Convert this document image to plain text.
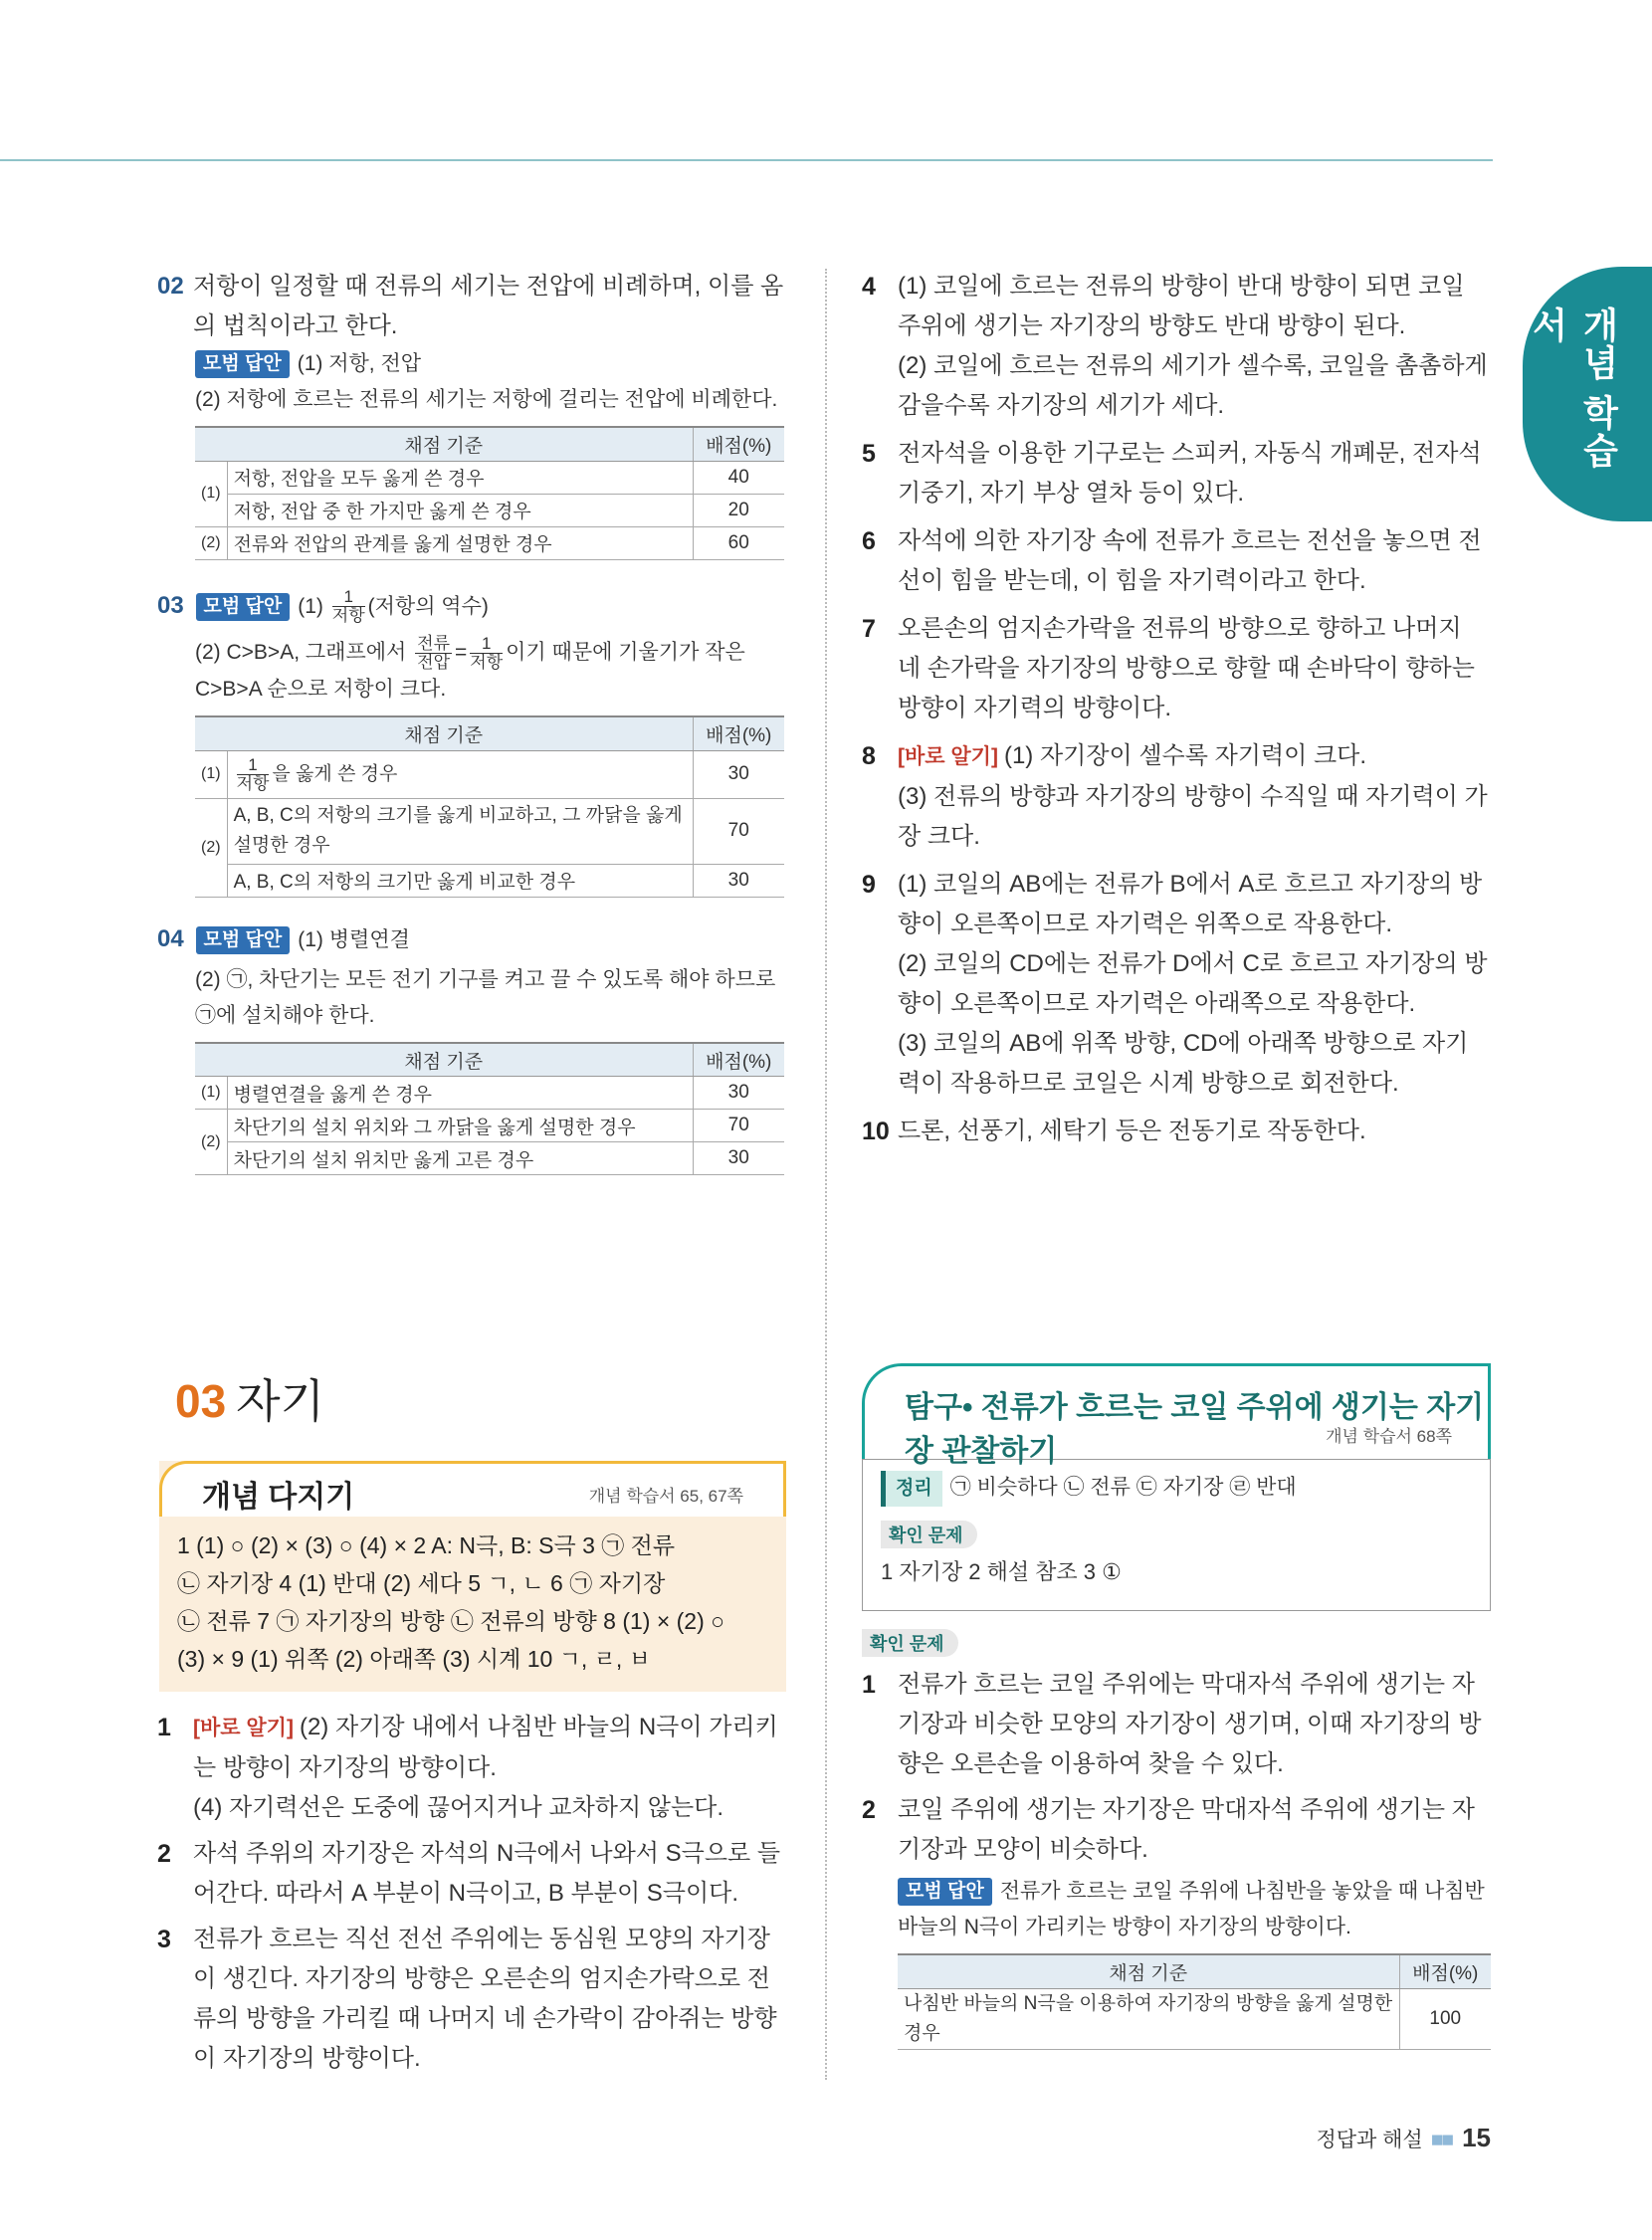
개념 학습서
02 저항이 일정할 때 전류의 세기는 전압에 비례하며, 이를 옴의 법칙이라고 한다.
모범 답안 (1) 저항, 전압
(2) 저항에 흐르는 전류의 세기는 저항에 걸리는 전압에 비례한다.
채점 기준		배점(%)
(1)	저항, 전압을 모두 옳게 쓴 경우	40
	저항, 전압 중 한 가지만 옳게 쓴 경우	20
(2)	전류와 전압의 관계를 옳게 설명한 경우	60
03 모범 답안 $(1) \frac{1}{\text{저항}}$ (저항의 역수)
(2) C>B>A, 그래프에서 $\frac{\text{전류}}{\text{전압}} = \frac{1}{\text{저항}}$ 이기 때문에 기울기가 작은
C>B>A 순으로 저항이 크다.
채점 기준		배점(%)
(1)	$\frac{1}{\text{저항}}$ 을 옳게 쓴 경우	30
(2)	A, B, C의 저항의 크기를 옳게 비교하고, 그 까닭을 옳게 설명한 경우	70
	A, B, C의 저항의 크기만 옳게 비교한 경우	30
04 모범 답안 (1) 병렬연결
(2) ㉠, 차단기는 모든 전기 기구를 켜고 끌 수 있도록 해야 하므로 ㉠에 설치해야 한다.
채점 기준		배점(%)
(1)	병렬연결을 옳게 쓴 경우	30
(2)	차단기의 설치 위치와 그 까닭을 옳게 설명한 경우	70
	차단기의 설치 위치만 옳게 고른 경우	30
03 자기
개념 다지기	개념 학습서 65, 67쪽
1 (1) ○ (2) × (3) ○ (4) × 2 A: N극, B: S극 3 ㉠ 전류
㉡ 자기장 4 (1) 반대 (2) 세다 5 ㄱ, ㄴ 6 ㉠ 자기장
㉡ 전류 7 ㉠ 자기장의 방향 ㉡ 전류의 방향 8 (1) × (2) ○
(3) × 9 (1) 위쪽 (2) 아래쪽 (3) 시계 10 ㄱ, ㄹ, ㅂ
1	[바로 알기] (2) 자기장 내에서 나침반 바늘의 N극이 가리키는 방향이 자기장의 방향이다.
(4) 자기력선은 도중에 끊어지거나 교차하지 않는다.
2 자석 주위의 자기장은 자석의 N극에서 나와서 S극으로 들어간다. 따라서 A 부분이 N극이고, B 부분이 S극이다.
3 전류가 흐르는 직선 전선 주위에는 동심원 모양의 자기장이 생긴다. 자기장의 방향은 오른손의 엄지손가락으로 전류의 방향을 가리킬 때 나머지 네 손가락이 감아쥐는 방향이 자기장의 방향이다.
4 (1) 코일에 흐르는 전류의 방향이 반대 방향이 되면 코일 주위에 생기는 자기장의 방향도 반대 방향이 된다.
(2) 코일에 흐르는 전류의 세기가 셀수록, 코일을 촘촘하게 감을수록 자기장의 세기가 세다.
5 전자석을 이용한 기구로는 스피커, 자동식 개폐문, 전자석 기중기, 자기 부상 열차 등이 있다.
6 자석에 의한 자기장 속에 전류가 흐르는 전선을 놓으면 전선이 힘을 받는데, 이 힘을 자기력이라고 한다.
7 오른손의 엄지손가락을 전류의 방향으로 향하고 나머지 네 손가락을 자기장의 방향으로 향할 때 손바닥이 향하는 방향이 자기력의 방향이다.
8	[바로 알기] (1) 자기장이 셀수록 자기력이 크다.
(3) 전류의 방향과 자기장의 방향이 수직일 때 자기력이 가장 크다.
9 (1) 코일의 AB에는 전류가 B에서 A로 흐르고 자기장의 방향이 오른쪽이므로 자기력은 위쪽으로 작용한다.
(2) 코일의 CD에는 전류가 D에서 C로 흐르고 자기장의 방향이 오른쪽이므로 자기력은 아래쪽으로 작용한다.
(3) 코일의 AB에 위쪽 방향, CD에 아래쪽 방향으로 자기력이 작용하므로 코일은 시계 방향으로 회전한다.
10 드론, 선풍기, 세탁기 등은 전동기로 작동한다.
탐구• 전류가 흐르는 코일 주위에 생기는 자기장 관찰하기	개념 학습서 68쪽
정리 ㉠ 비슷하다 ㉡ 전류 ㉢ 자기장 ㉣ 반대
확인 문제
1 자기장 2 해설 참조 3 ①
확인 문제
1 전류가 흐르는 코일 주위에는 막대자석 주위에 생기는 자기장과 비슷한 모양의 자기장이 생기며, 이때 자기장의 방향은 오른손을 이용하여 찾을 수 있다.
2 코일 주위에 생기는 자기장은 막대자석 주위에 생기는 자기장과 모양이 비슷하다.
모범 답안 전류가 흐르는 코일 주위에 나침반을 놓았을 때 나침반 바늘의 N극이 가리키는 방향이 자기장의 방향이다.
채점 기준	배점(%)
나침반 바늘의 N극을 이용하여 자기장의 방향을 옳게 설명한 경우	100
정답과 해설 ■■ 15
